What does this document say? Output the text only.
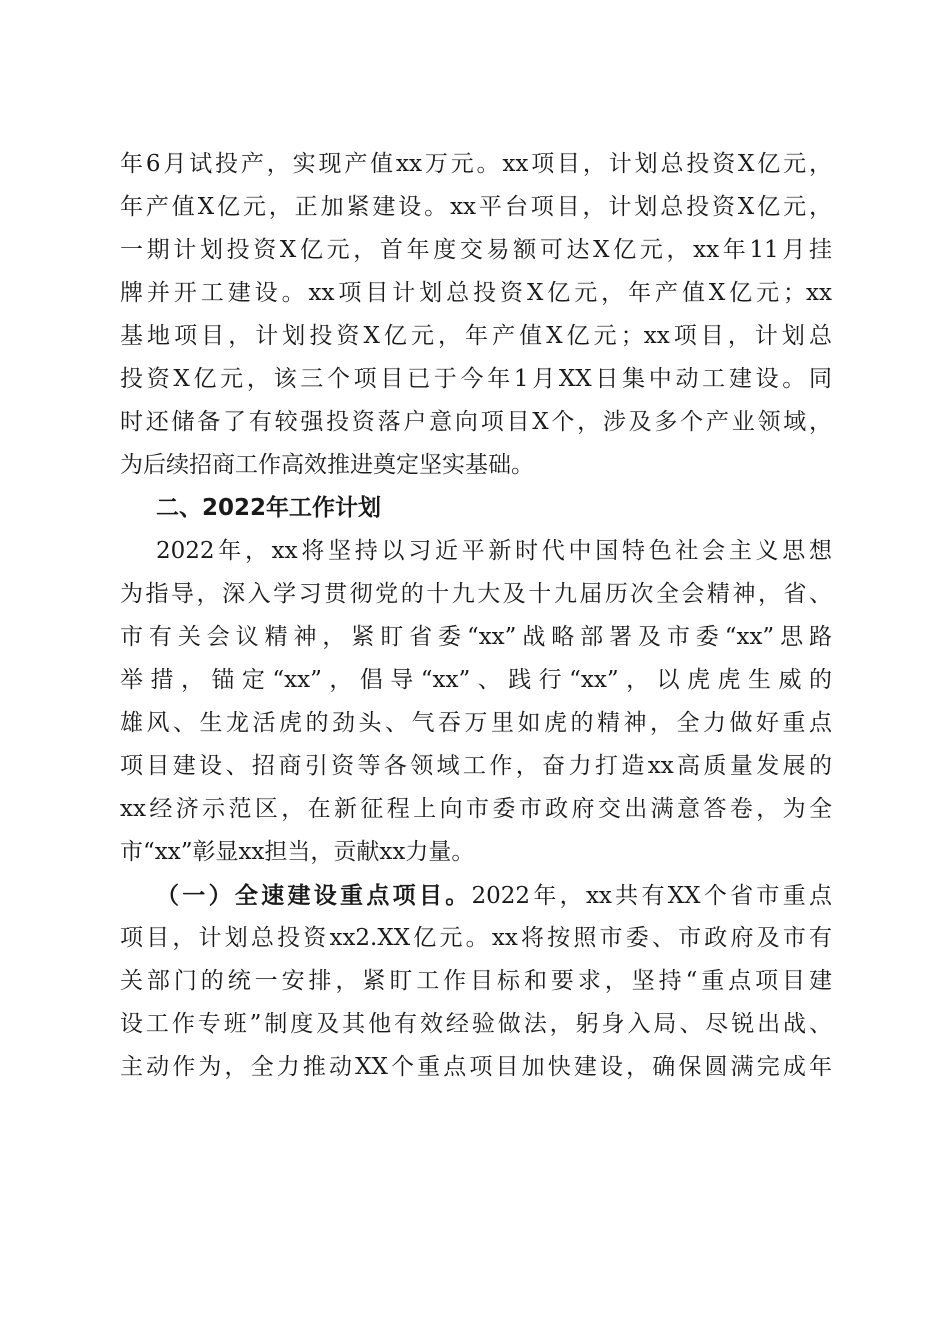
年6月试投产，实现产值xx万元。xx项目，计划总投资X亿元，
年产值X亿元，正加紧建设。xx平台项目，计划总投资X亿元，
一期计划投资X亿元，首年度交易额可达X亿元，xx年11月挂
牌并开工建设。xx项目计划总投资X亿元，年产值X亿元；xx
基地项目，计划投资X亿元，年产值X亿元；xx项目，计划总
投资X亿元，该三个项目已于今年1月XX日集中动工建设。同
时还储备了有较强投资落户意向项目X个，涉及多个产业领域，
为后续招商工作高效推进奠定坚实基础。
二、2022年工作计划
2022年，xx将坚持以习近平新时代中国特色社会主义思想
为指导，深入学习贯彻党的十九大及十九届历次全会精神，省、
市有关会议精神，紧盯省委“xx”战略部署及市委“xx”思路
举措，锚定“xx”，倡导“xx”、践行“xx”，以虎虎生威的
雄风、生龙活虎的劲头、气吞万里如虎的精神，全力做好重点
项目建设、招商引资等各领域工作，奋力打造xx高质量发展的
xx经济示范区，在新征程上向市委市政府交出满意答卷，为全
市“xx”彰显xx担当，贡献xx力量。
（一）全速建设重点项目。2022年，xx共有XX个省市重点
项目，计划总投资xx2.XX亿元。xx将按照市委、市政府及市有
关部门的统一安排，紧盯工作目标和要求，坚持“重点项目建
设工作专班”制度及其他有效经验做法，躬身入局、尽锐出战、
主动作为，全力推动XX个重点项目加快建设，确保圆满完成年
